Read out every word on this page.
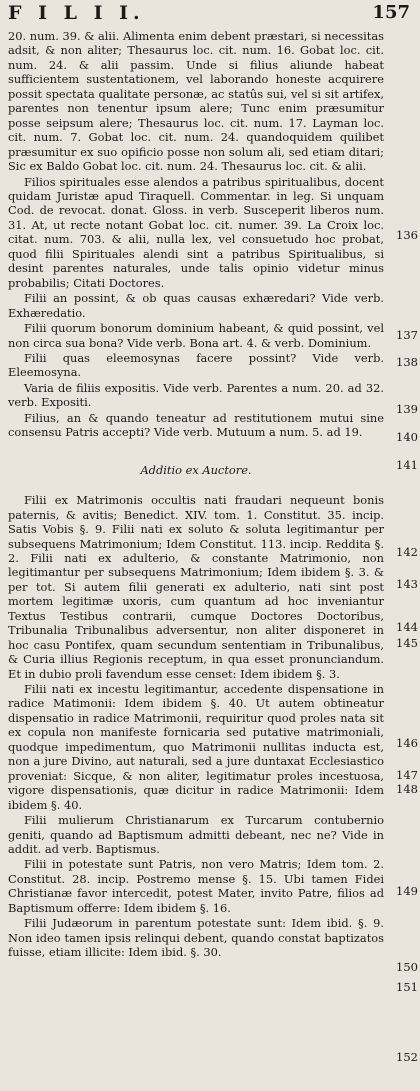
F I L I I.	157

20. num. 39. & alii. Alimenta enim debent præstari, si necessitas adsit, & non aliter; Thesaurus loc. cit. num. 16. Gobat loc. cit. num. 24. & alii passim. Unde si filius aliunde habeat sufficientem sustentationem, vel laborando honeste acquirere possit spectata qualitate personæ, ac statûs sui, vel si sit artifex, parentes non tenentur ipsum alere; Tunc enim præsumitur posse seipsum alere; Thesaurus loc. cit. num. 17. Layman loc. cit. num. 7. Gobat loc. cit. num. 24. quandoquidem quilibet præsumitur ex suo opificio posse non solum ali, sed etiam ditari; Sic ex Baldo Gobat loc. cit. num. 24. Thesaurus loc. cit. & alii.

Filios spirituales esse alendos a patribus spiritualibus, docent quidam Juristæ apud Tiraquell. Commentar. in leg. Si unquam Cod. de revocat. donat. Gloss. in verb. Susceperit liberos num. 31. At, ut recte notant Gobat loc. cit. numer. 39. La Croix loc. citat. num. 703. & alii, nulla lex, vel consuetudo hoc probat, quod filii Spirituales alendi sint a patribus Spiritualibus, si desint parentes naturales, unde talis opinio videtur minus probabilis; Citati Doctores.

Filii an possint, & ob quas causas exhæredari? Vide verb. Exhæredatio.

Filii quorum bonorum dominium habeant, & quid possint, vel non circa sua bona? Vide verb. Bona art. 4. & verb. Dominium.

Filii quas eleemosynas facere possint? Vide verb. Eleemosyna.

Varia de filiis expositis. Vide verb. Parentes a num. 20. ad 32. verb. Expositi.

Filius, an & quando teneatur ad restitutionem mutui sine consensu Patris accepti? Vide verb. Mutuum a num. 5. ad 19.

Additio ex Auctore.

Filii ex Matrimonis occultis nati fraudari nequeunt bonis paternis, & avitis; Benedict. XIV. tom. 1. Constitut. 35. incip. Satis Vobis §. 9. Filii nati ex soluto & soluta legitimantur per subsequens Matrimonium; Idem Constitut. 113. incip. Reddita §. 2. Filii nati ex adulterio, & constante Matrimonio, non legitimantur per subsequens Matrimonium; Idem ibidem §. 3. & per tot. Si autem filii generati ex adulterio, nati sint post mortem legitimæ uxoris, cum quantum ad hoc inveniantur Textus Testibus contrarii, cumque Doctores Doctoribus, Tribunalia Tribunalibus adversentur, non aliter disponeret in hoc casu Pontifex, quam secundum sententiam in Tribunalibus, & Curia illius Regionis receptum, in qua esset pronunciandum. Et in dubio proli favendum esse censet: Idem ibidem §. 3.

Filii nati ex incestu legitimantur, accedente dispensatione in radice Matimonii: Idem ibidem §. 40. Ut autem obtineatur dispensatio in radice Matrimonii, requiritur quod proles nata sit ex copula non manifeste fornicaria sed putative matrimoniali, quodque impedimentum, quo Matrimonii nullitas inducta est, non a jure Divino, aut naturali, sed a jure duntaxat Ecclesiastico proveniat: Sicque, & non aliter, legitimatur proles incestuosa, vigore dispensationis, quæ dicitur in radice Matrimonii: Idem ibidem §. 40.

Filii mulierum Christianarum ex Turcarum contubernio geniti, quando ad Baptismum admitti debeant, nec ne? Vide in addit. ad verb. Baptismus.

Filii in potestate sunt Patris, non vero Matris; Idem tom. 2. Constitut. 28. incip. Postremo mense §. 15. Ubi tamen Fidei Christianæ favor intercedit, potest Mater, invito Patre, filios ad Baptismum offerre: Idem ibidem §. 16.

Filii Judæorum in parentum potestate sunt: Idem ibid. §. 9. Non ideo tamen ipsis relinqui debent, quando constat baptizatos fuisse, etiam illicite: Idem ibid. §. 30.

136
137
138
139
140
141
142
143
144
145
146
147
148
149
150
151
152
